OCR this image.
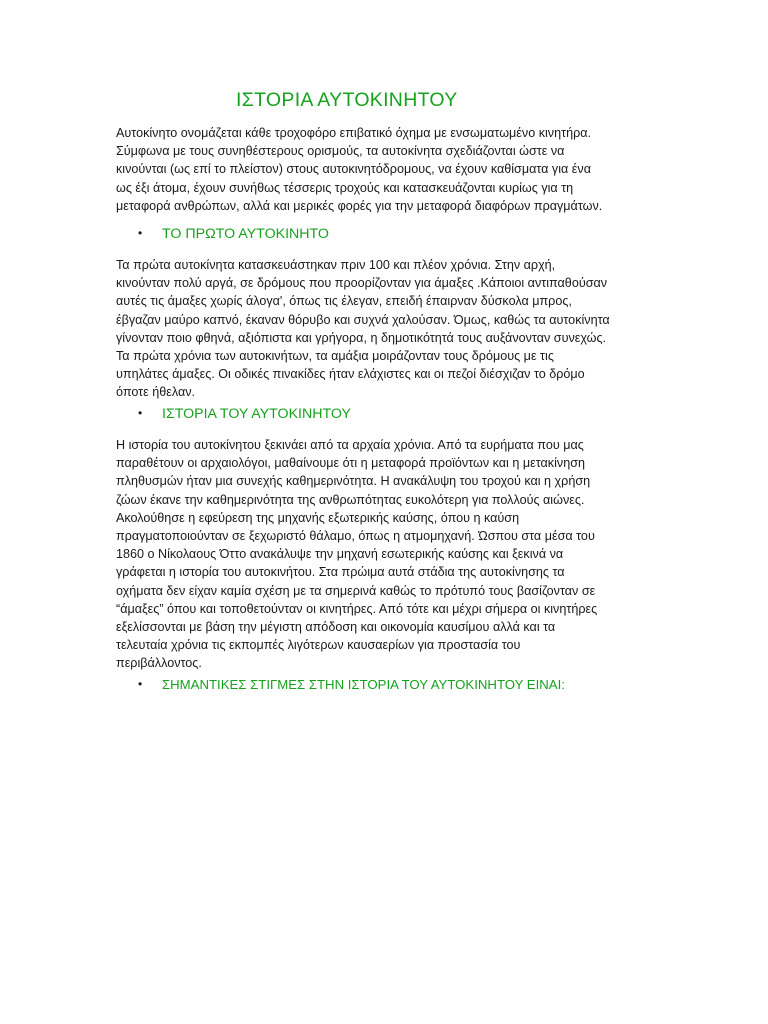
ΙΣΤΟΡΙΑ ΑΥΤΟΚΙΝΗΤΟΥ

Αυτοκίνητο ονομάζεται κάθε τροχοφόρο επιβατικό όχημα με ενσωματωμένο κινητήρα.
Σύμφωνα με τους συνηθέστερους ορισμούς, τα αυτοκίνητα σχεδιάζονται ώστε να
κινούνται (ως επί το πλείστον) στους αυτοκινητόδρομους, να έχουν καθίσματα για ένα
ως έξι άτομα, έχουν συνήθως τέσσερις τροχούς και κατασκευάζονται κυρίως για τη
μεταφορά ανθρώπων, αλλά και μερικές φορές για την μεταφορά διαφόρων πραγμάτων.

• ΤΟ ΠΡΩΤΟ ΑΥΤΟΚΙΝΗΤΟ

Τα πρώτα αυτοκίνητα κατασκευάστηκαν πριν 100 και πλέον χρόνια. Στην αρχή,
κινούνταν πολύ αργά, σε δρόμους που προορίζονταν για άμαξες .Κάποιοι αντιπαθούσαν
αυτές τις άμαξες χωρίς άλογα', όπως τις έλεγαν, επειδή έπαιρναν δύσκολα μπρος,
έβγαζαν μαύρο καπνό, έκαναν θόρυβο και συχνά χαλούσαν. Όμως, καθώς τα αυτοκίνητα
γίνονταν ποιο φθηνά, αξιόπιστα και γρήγορα, η δημοτικότητά τους αυξάνονταν συνεχώς.
Τα πρώτα χρόνια των αυτοκινήτων, τα αμάξια μοιράζονταν τους δρόμους με τις
υπηλάτες άμαξες. Οι οδικές πινακίδες ήταν ελάχιστες και οι πεζοί διέσχιζαν το δρόμο
όποτε ήθελαν.

• ΙΣΤΟΡΙΑ ΤΟΥ ΑΥΤΟΚΙΝΗΤΟΥ

Η ιστορία του αυτοκίνητου ξεκινάει από τα αρχαία χρόνια. Από τα ευρήματα που μας
παραθέτουν οι αρχαιολόγοι, μαθαίνουμε ότι η μεταφορά προϊόντων και η μετακίνηση
πληθυσμών ήταν μια συνεχής καθημερινότητα. Η ανακάλυψη του τροχού και η χρήση
ζώων έκανε την καθημερινότητα της ανθρωπότητας ευκολότερη για πολλούς αιώνες.
Ακολούθησε η εφεύρεση της μηχανής εξωτερικής καύσης, όπου η καύση
πραγματοποιούνταν σε ξεχωριστό θάλαμο, όπως η ατμομηχανή. Ώσπου στα μέσα του
1860 ο Νίκολαους Όττο ανακάλυψε την μηχανή εσωτερικής καύσης και ξεκινά να
γράφεται η ιστορία του αυτοκινήτου. Στα πρώιμα αυτά στάδια της αυτοκίνησης τα
οχήματα δεν είχαν καμία σχέση με τα σημερινά καθώς το πρότυπό τους βασίζονταν σε
“άμαξες” όπου και τοποθετούνταν οι κινητήρες. Από τότε και μέχρι σήμερα οι κινητήρες
εξελίσσονται με βάση την μέγιστη απόδοση και οικονομία καυσίμου αλλά και τα
τελευταία χρόνια τις εκπομπές λιγότερων καυσαερίων για προστασία του
περιβάλλοντος.

• ΣΗΜΑΝΤΙΚΕΣ ΣΤΙΓΜΕΣ ΣΤΗΝ ΙΣΤΟΡΙΑ ΤΟΥ ΑΥΤΟΚΙΝΗΤΟΥ ΕΙΝΑΙ:
